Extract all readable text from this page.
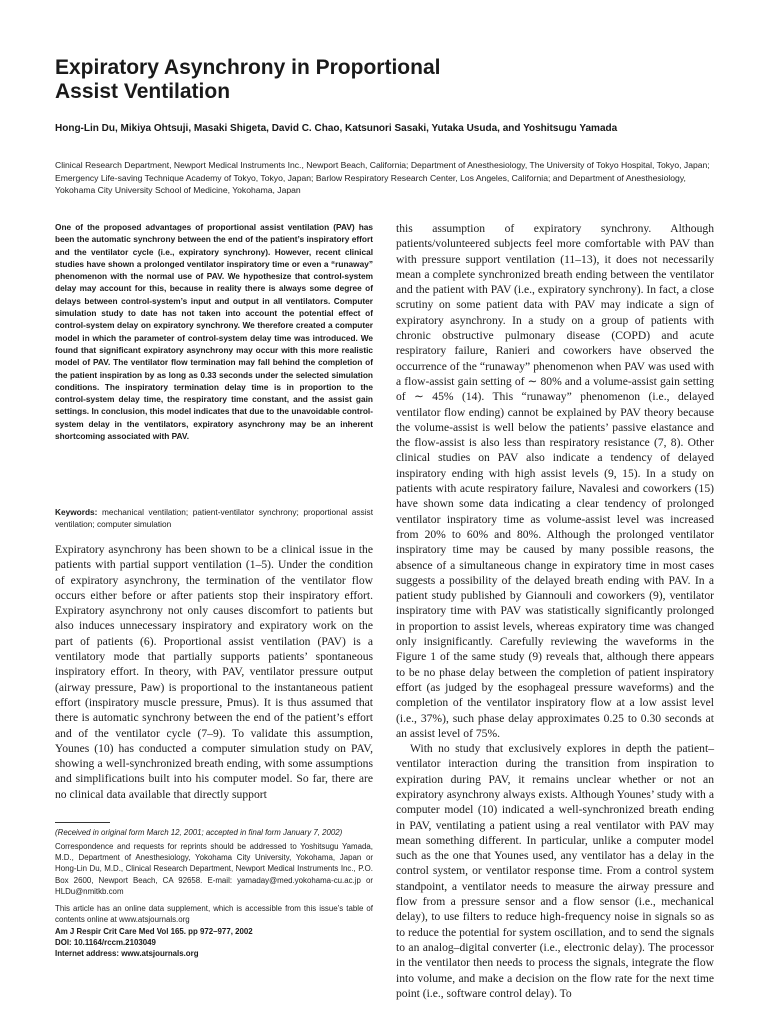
Expiratory Asynchrony in Proportional
Assist Ventilation

Hong-Lin Du, Mikiya Ohtsuji, Masaki Shigeta, David C. Chao, Katsunori Sasaki, Yutaka Usuda, and Yoshitsugu Yamada

Clinical Research Department, Newport Medical Instruments Inc., Newport Beach, California; Department of Anesthesiology, The University of Tokyo Hospital, Tokyo, Japan; Emergency Life-saving Technique Academy of Tokyo, Tokyo, Japan; Barlow Respiratory Research Center, Los Angeles, California; and Department of Anesthesiology, Yokohama City University School of Medicine, Yokohama, Japan

One of the proposed advantages of proportional assist ventilation (PAV) has been the automatic synchrony between the end of the patient’s inspiratory effort and the ventilator cycle (i.e., expiratory synchrony). However, recent clinical studies have shown a prolonged ventilator inspiratory time or even a “runaway” phenomenon with the normal use of PAV. We hypothesize that control-system delay may account for this, because in reality there is always some degree of delays between control-system’s input and output in all ventilators. Computer simulation study to date has not taken into account the potential effect of control-system delay on expiratory synchrony. We therefore created a computer model in which the parameter of control-system delay time was introduced. We found that significant expiratory asynchrony may occur with this more realistic model of PAV. The ventilator flow termination may fall behind the completion of the patient inspiration by as long as 0.33 seconds under the selected simulation conditions. The inspiratory termination delay time is in proportion to the control-system delay time, the respiratory time constant, and the assist gain settings. In conclusion, this model indicates that due to the unavoidable control-system delay in the ventilators, expiratory asynchrony may be an inherent shortcoming associated with PAV.

Keywords: mechanical ventilation; patient-ventilator synchrony; proportional assist ventilation; computer simulation

Expiratory asynchrony has been shown to be a clinical issue in the patients with partial support ventilation (1–5). Under the condition of expiratory asynchrony, the termination of the ventilator flow occurs either before or after patients stop their inspiratory effort. Expiratory asynchrony not only causes discomfort to patients but also induces unnecessary inspiratory and expiratory work on the part of patients (6). Proportional assist ventilation (PAV) is a ventilatory mode that partially supports patients’ spontaneous inspiratory effort. In theory, with PAV, ventilator pressure output (airway pressure, Paw) is proportional to the instantaneous patient effort (inspiratory muscle pressure, Pmus). It is thus assumed that there is automatic synchrony between the end of the patient’s effort and of the ventilator cycle (7–9). To validate this assumption, Younes (10) has conducted a computer simulation study on PAV, showing a well-synchronized breath ending, with some assumptions and simplifications built into his computer model. So far, there are no clinical data available that directly support

(Received in original form March 12, 2001; accepted in final form January 7, 2002)

Correspondence and requests for reprints should be addressed to Yoshitsugu Yamada, M.D., Department of Anesthesiology, Yokohama City University, Yokohama, Japan or Hong-Lin Du, M.D., Clinical Research Department, Newport Medical Instruments Inc., P.O. Box 2600, Newport Beach, CA 92658. E-mail: yamaday@med.yokohama-cu.ac.jp or HLDu@nmitkb.com

This article has an online data supplement, which is accessible from this issue’s table of contents online at www.atsjournals.org

Am J Respir Crit Care Med Vol 165. pp 972–977, 2002
DOI: 10.1164/rccm.2103049
Internet address: www.atsjournals.org

this assumption of expiratory synchrony. Although patients/volunteered subjects feel more comfortable with PAV than with pressure support ventilation (11–13), it does not necessarily mean a complete synchronized breath ending between the ventilator and the patient with PAV (i.e., expiratory synchrony). In fact, a close scrutiny on some patient data with PAV may indicate a sign of expiratory asynchrony. In a study on a group of patients with chronic obstructive pulmonary disease (COPD) and acute respiratory failure, Ranieri and coworkers have observed the occurrence of the “runaway” phenomenon when PAV was used with a flow-assist gain setting of ∼ 80% and a volume-assist gain setting of ∼ 45% (14). This “runaway” phenomenon (i.e., delayed ventilator flow ending) cannot be explained by PAV theory because the volume-assist is well below the patients’ passive elastance and the flow-assist is also less than respiratory resistance (7, 8). Other clinical studies on PAV also indicate a tendency of delayed inspiratory ending with high assist levels (9, 15). In a study on patients with acute respiratory failure, Navalesi and coworkers (15) have shown some data indicating a clear tendency of prolonged ventilator inspiratory time as volume-assist level was increased from 20% to 60% and 80%. Although the prolonged ventilator inspiratory time may be caused by many possible reasons, the absence of a simultaneous change in expiratory time in most cases suggests a possibility of the delayed breath ending with PAV. In a patient study published by Giannouli and coworkers (9), ventilator inspiratory time with PAV was statistically significantly prolonged in proportion to assist levels, whereas expiratory time was changed only insignificantly. Carefully reviewing the waveforms in the Figure 1 of the same study (9) reveals that, although there appears to be no phase delay between the completion of patient inspiratory effort (as judged by the esophageal pressure waveforms) and the completion of the ventilator inspiratory flow at a low assist level (i.e., 37%), such phase delay approximates 0.25 to 0.30 seconds at an assist level of 75%.

With no study that exclusively explores in depth the patient–ventilator interaction during the transition from inspiration to expiration during PAV, it remains unclear whether or not an expiratory asynchrony always exists. Although Younes’ study with a computer model (10) indicated a well-synchronized breath ending in PAV, ventilating a patient using a real ventilator with PAV may mean something different. In particular, unlike a computer model such as the one that Younes used, any ventilator has a delay in the control system, or ventilator response time. From a control system standpoint, a ventilator needs to measure the airway pressure and flow from a pressure sensor and a flow sensor (i.e., mechanical delay), to use filters to reduce high-frequency noise in signals so as to reduce the potential for system oscillation, and to send the signals to an analog–digital converter (i.e., electronic delay). The processor in the ventilator then needs to process the signals, integrate the flow into volume, and make a decision on the flow rate for the next time point (i.e., software control delay). To
